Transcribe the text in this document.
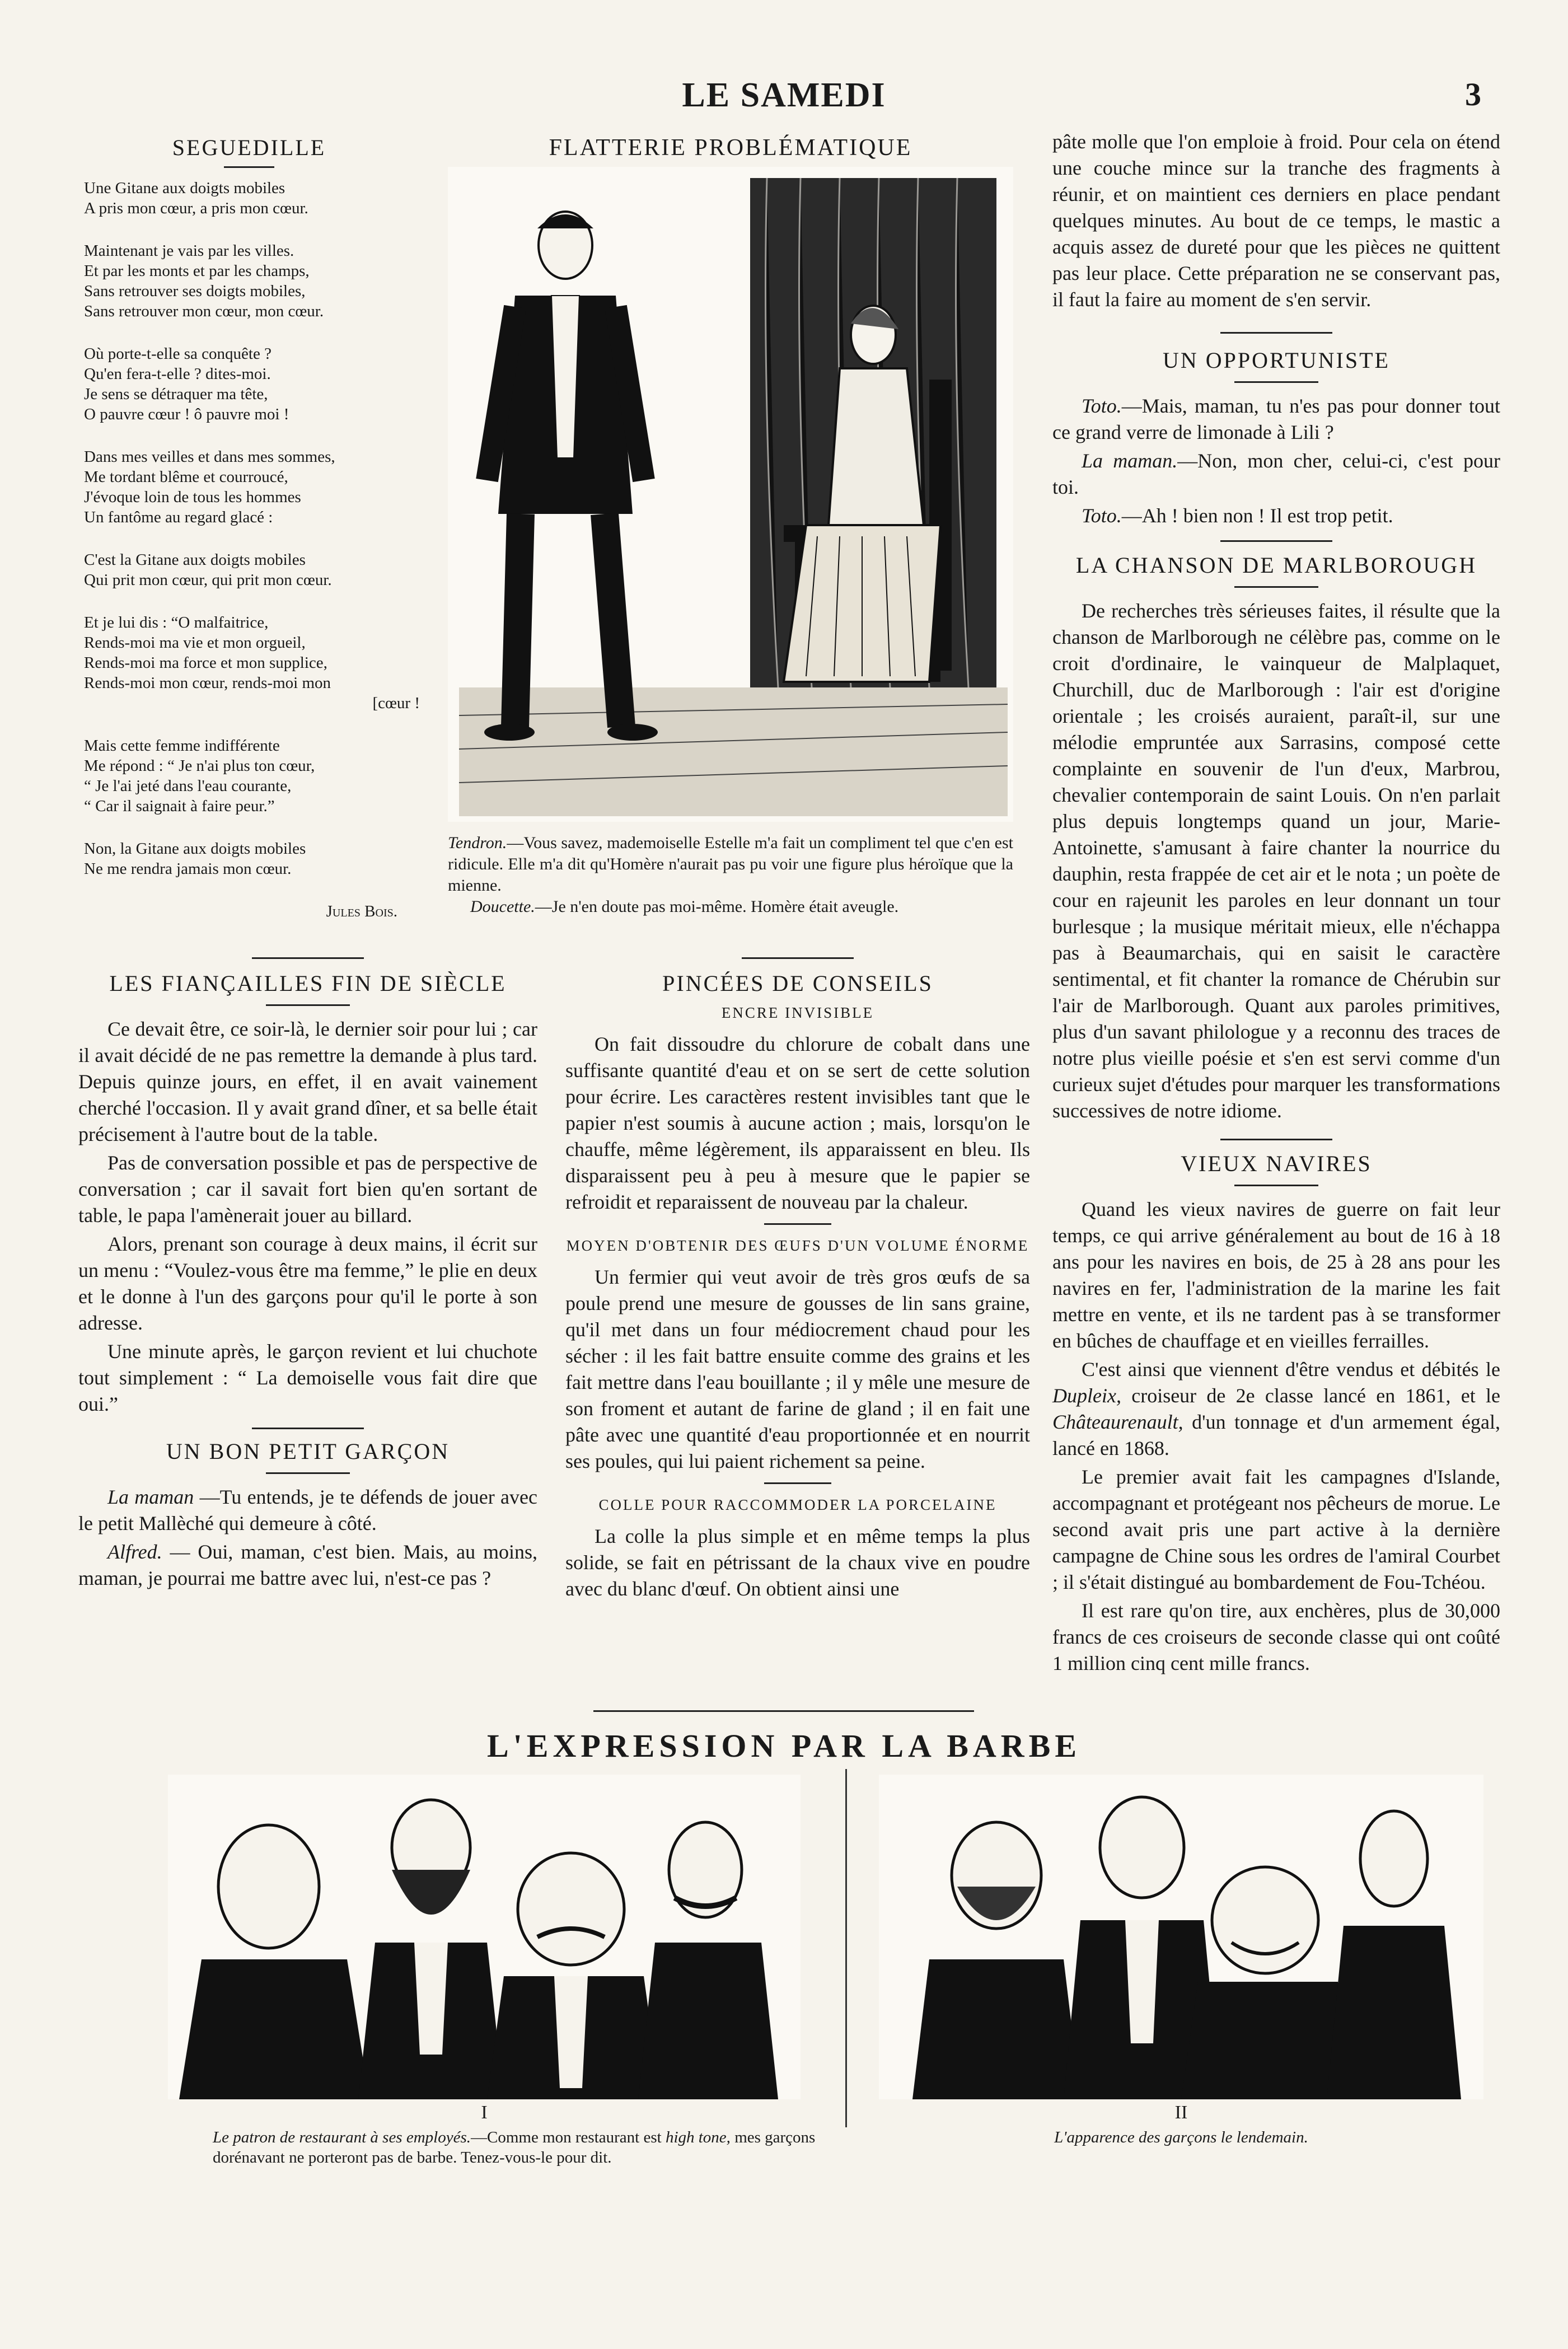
LE SAMEDI	3
SEGUEDILLE
Une Gitane aux doigts mobiles
A pris mon cœur, a pris mon cœur.
Maintenant je vais par les villes.
Et par les monts et par les champs,
Sans retrouver ses doigts mobiles,
Sans retrouver mon cœur, mon cœur.
Où porte-t-elle sa conquête ?
Qu'en fera-t-elle ? dites-moi.
Je sens se détraquer ma tête,
O pauvre cœur ! ô pauvre moi !
Dans mes veilles et dans mes sommes,
Me tordant blême et courroucé,
J'évoque loin de tous les hommes
Un fantôme au regard glacé :
C'est la Gitane aux doigts mobiles
Qui prit mon cœur, qui prit mon cœur.
Et je lui dis : “O malfaitrice,
Rends-moi ma vie et mon orgueil,
Rends-moi ma force et mon supplice,
Rends-moi mon cœur, rends-moi mon
[cœur !
Mais cette femme indifférente
Me répond : “ Je n'ai plus ton cœur,
“ Je l'ai jeté dans l'eau courante,
“ Car il saignait à faire peur.”
Non, la Gitane aux doigts mobiles
Ne me rendra jamais mon cœur.
Jules Bois.
FLATTERIE PROBLÉMATIQUE
Tendron.—Vous savez, mademoiselle Estelle m'a fait un compliment tel que c'en est ridicule. Elle m'a dit qu'Homère n'aurait pas pu voir une figure plus héroïque que la mienne.
Doucette.—Je n'en doute pas moi-même. Homère était aveugle.
LES FIANÇAILLES FIN DE SIÈCLE

Ce devait être, ce soir-là, le dernier soir pour lui ; car il avait décidé de ne pas remettre la demande à plus tard. Depuis quinze jours, en effet, il en avait vainement cherché l'occasion. Il y avait grand dîner, et sa belle était précisement à l'autre bout de la table.

Pas de conversation possible et pas de perspective de conversation ; car il savait fort bien qu'en sortant de table, le papa l'amènerait jouer au billard.

Alors, prenant son courage à deux mains, il écrit sur un menu : “Voulez-vous être ma femme,” le plie en deux et le donne à l'un des garçons pour qu'il le porte à son adresse.

Une minute après, le garçon revient et lui chuchote tout simplement : “ La demoiselle vous fait dire que oui.”

UN BON PETIT GARÇON

La maman —Tu entends, je te défends de jouer avec le petit Mallèché qui demeure à côté.

Alfred. — Oui, maman, c'est bien. Mais, au moins, maman, je pourrai me battre avec lui, n'est-ce pas ?

PINCÉES DE CONSEILS
ENCRE INVISIBLE

On fait dissoudre du chlorure de cobalt dans une suffisante quantité d'eau et on se sert de cette solution pour écrire. Les caractères restent invisibles tant que le papier n'est soumis à aucune action ; mais, lorsqu'on le chauffe, même légèrement, ils apparaissent en bleu. Ils disparaissent peu à peu à mesure que le papier se refroidit et reparaissent de nouveau par la chaleur.

MOYEN D'OBTENIR DES ŒUFS D'UN VOLUME ÉNORME

Un fermier qui veut avoir de très gros œufs de sa poule prend une mesure de gousses de lin sans graine, qu'il met dans un four médiocrement chaud pour les sécher : il les fait battre ensuite comme des grains et les fait mettre dans l'eau bouillante ; il y mêle une mesure de son froment et autant de farine de gland ; il en fait une pâte avec une quantité d'eau proportionnée et en nourrit ses poules, qui lui paient richement sa peine.

COLLE POUR RACCOMMODER LA PORCELAINE

La colle la plus simple et en même temps la plus solide, se fait en pétrissant de la chaux vive en poudre avec du blanc d'œuf. On obtient ainsi une

pâte molle que l'on emploie à froid. Pour cela on étend une couche mince sur la tranche des fragments à réunir, et on maintient ces derniers en place pendant quelques minutes. Au bout de ce temps, le mastic a acquis assez de dureté pour que les pièces ne quittent pas leur place. Cette préparation ne se conservant pas, il faut la faire au moment de s'en servir.

UN OPPORTUNISTE

Toto.—Mais, maman, tu n'es pas pour donner tout ce grand verre de limonade à Lili ?

La maman.—Non, mon cher, celui-ci, c'est pour toi.

Toto.—Ah ! bien non ! Il est trop petit.

LA CHANSON DE MARLBOROUGH

De recherches très sérieuses faites, il résulte que la chanson de Marlborough ne célèbre pas, comme on le croit d'ordinaire, le vainqueur de Malplaquet, Churchill, duc de Marlborough : l'air est d'origine orientale ; les croisés auraient, paraît-il, sur une mélodie empruntée aux Sarrasins, composé cette complainte en souvenir de l'un d'eux, Marbrou, chevalier contemporain de saint Louis. On n'en parlait plus depuis longtemps quand un jour, Marie-Antoinette, s'amusant à faire chanter la nourrice du dauphin, resta frappée de cet air et le nota ; un poète de cour en rajeunit les paroles en leur donnant un tour burlesque ; la musique méritait mieux, elle n'échappa pas à Beaumarchais, qui en saisit le caractère sentimental, et fit chanter la romance de Chérubin sur l'air de Marlborough. Quant aux paroles primitives, plus d'un savant philologue y a reconnu des traces de notre plus vieille poésie et s'en est servi comme d'un curieux sujet d'études pour marquer les transformations successives de notre idiome.

VIEUX NAVIRES

Quand les vieux navires de guerre on fait leur temps, ce qui arrive généralement au bout de 16 à 18 ans pour les navires en bois, de 25 à 28 ans pour les navires en fer, l'administration de la marine les fait mettre en vente, et ils ne tardent pas à se transformer en bûches de chauffage et en vieilles ferrailles.

C'est ainsi que viennent d'être vendus et débités le Dupleix, croiseur de 2e classe lancé en 1861, et le Châteaurenault, d'un tonnage et d'un armement égal, lancé en 1868.

Le premier avait fait les campagnes d'Islande, accompagnant et protégeant nos pêcheurs de morue. Le second avait pris une part active à la dernière campagne de Chine sous les ordres de l'amiral Courbet ; il s'était distingué au bombardement de Fou-Tchéou.

Il est rare qu'on tire, aux enchères, plus de 30,000 francs de ces croiseurs de seconde classe qui ont coûté 1 million cinq cent mille francs.

L'EXPRESSION PAR LA BARBE
I
Le patron de restaurant à ses employés.—Comme mon restaurant est high tone, mes garçons dorénavant ne porteront pas de barbe. Tenez-vous-le pour dit.
II
L'apparence des garçons le lendemain.
